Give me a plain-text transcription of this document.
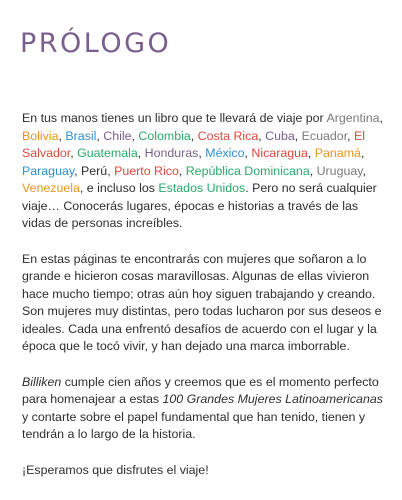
PRÓLOGO

En tus manos tienes un libro que te llevará de viaje por Argentina, Bolivia, Brasil, Chile, Colombia, Costa Rica, Cuba, Ecuador, El Salvador, Guatemala, Honduras, México, Nicaragua, Panamá, Paraguay, Perú, Puerto Rico, República Dominicana, Uruguay, Venezuela, e incluso los Estados Unidos. Pero no será cualquier viaje… Conocerás lugares, épocas e historias a través de las vidas de personas increíbles.

En estas páginas te encontrarás con mujeres que soñaron a lo grande e hicieron cosas maravillosas. Algunas de ellas vivieron hace mucho tiempo; otras aún hoy siguen trabajando y creando. Son mujeres muy distintas, pero todas lucharon por sus deseos e ideales. Cada una enfrentó desafíos de acuerdo con el lugar y la época que le tocó vivir, y han dejado una marca imborrable.

Billiken cumple cien años y creemos que es el momento perfecto para homenajear a estas 100 Grandes Mujeres Latinoamericanas y contarte sobre el papel fundamental que han tenido, tienen y tendrán a lo largo de la historia.

¡Esperamos que disfrutes el viaje!
